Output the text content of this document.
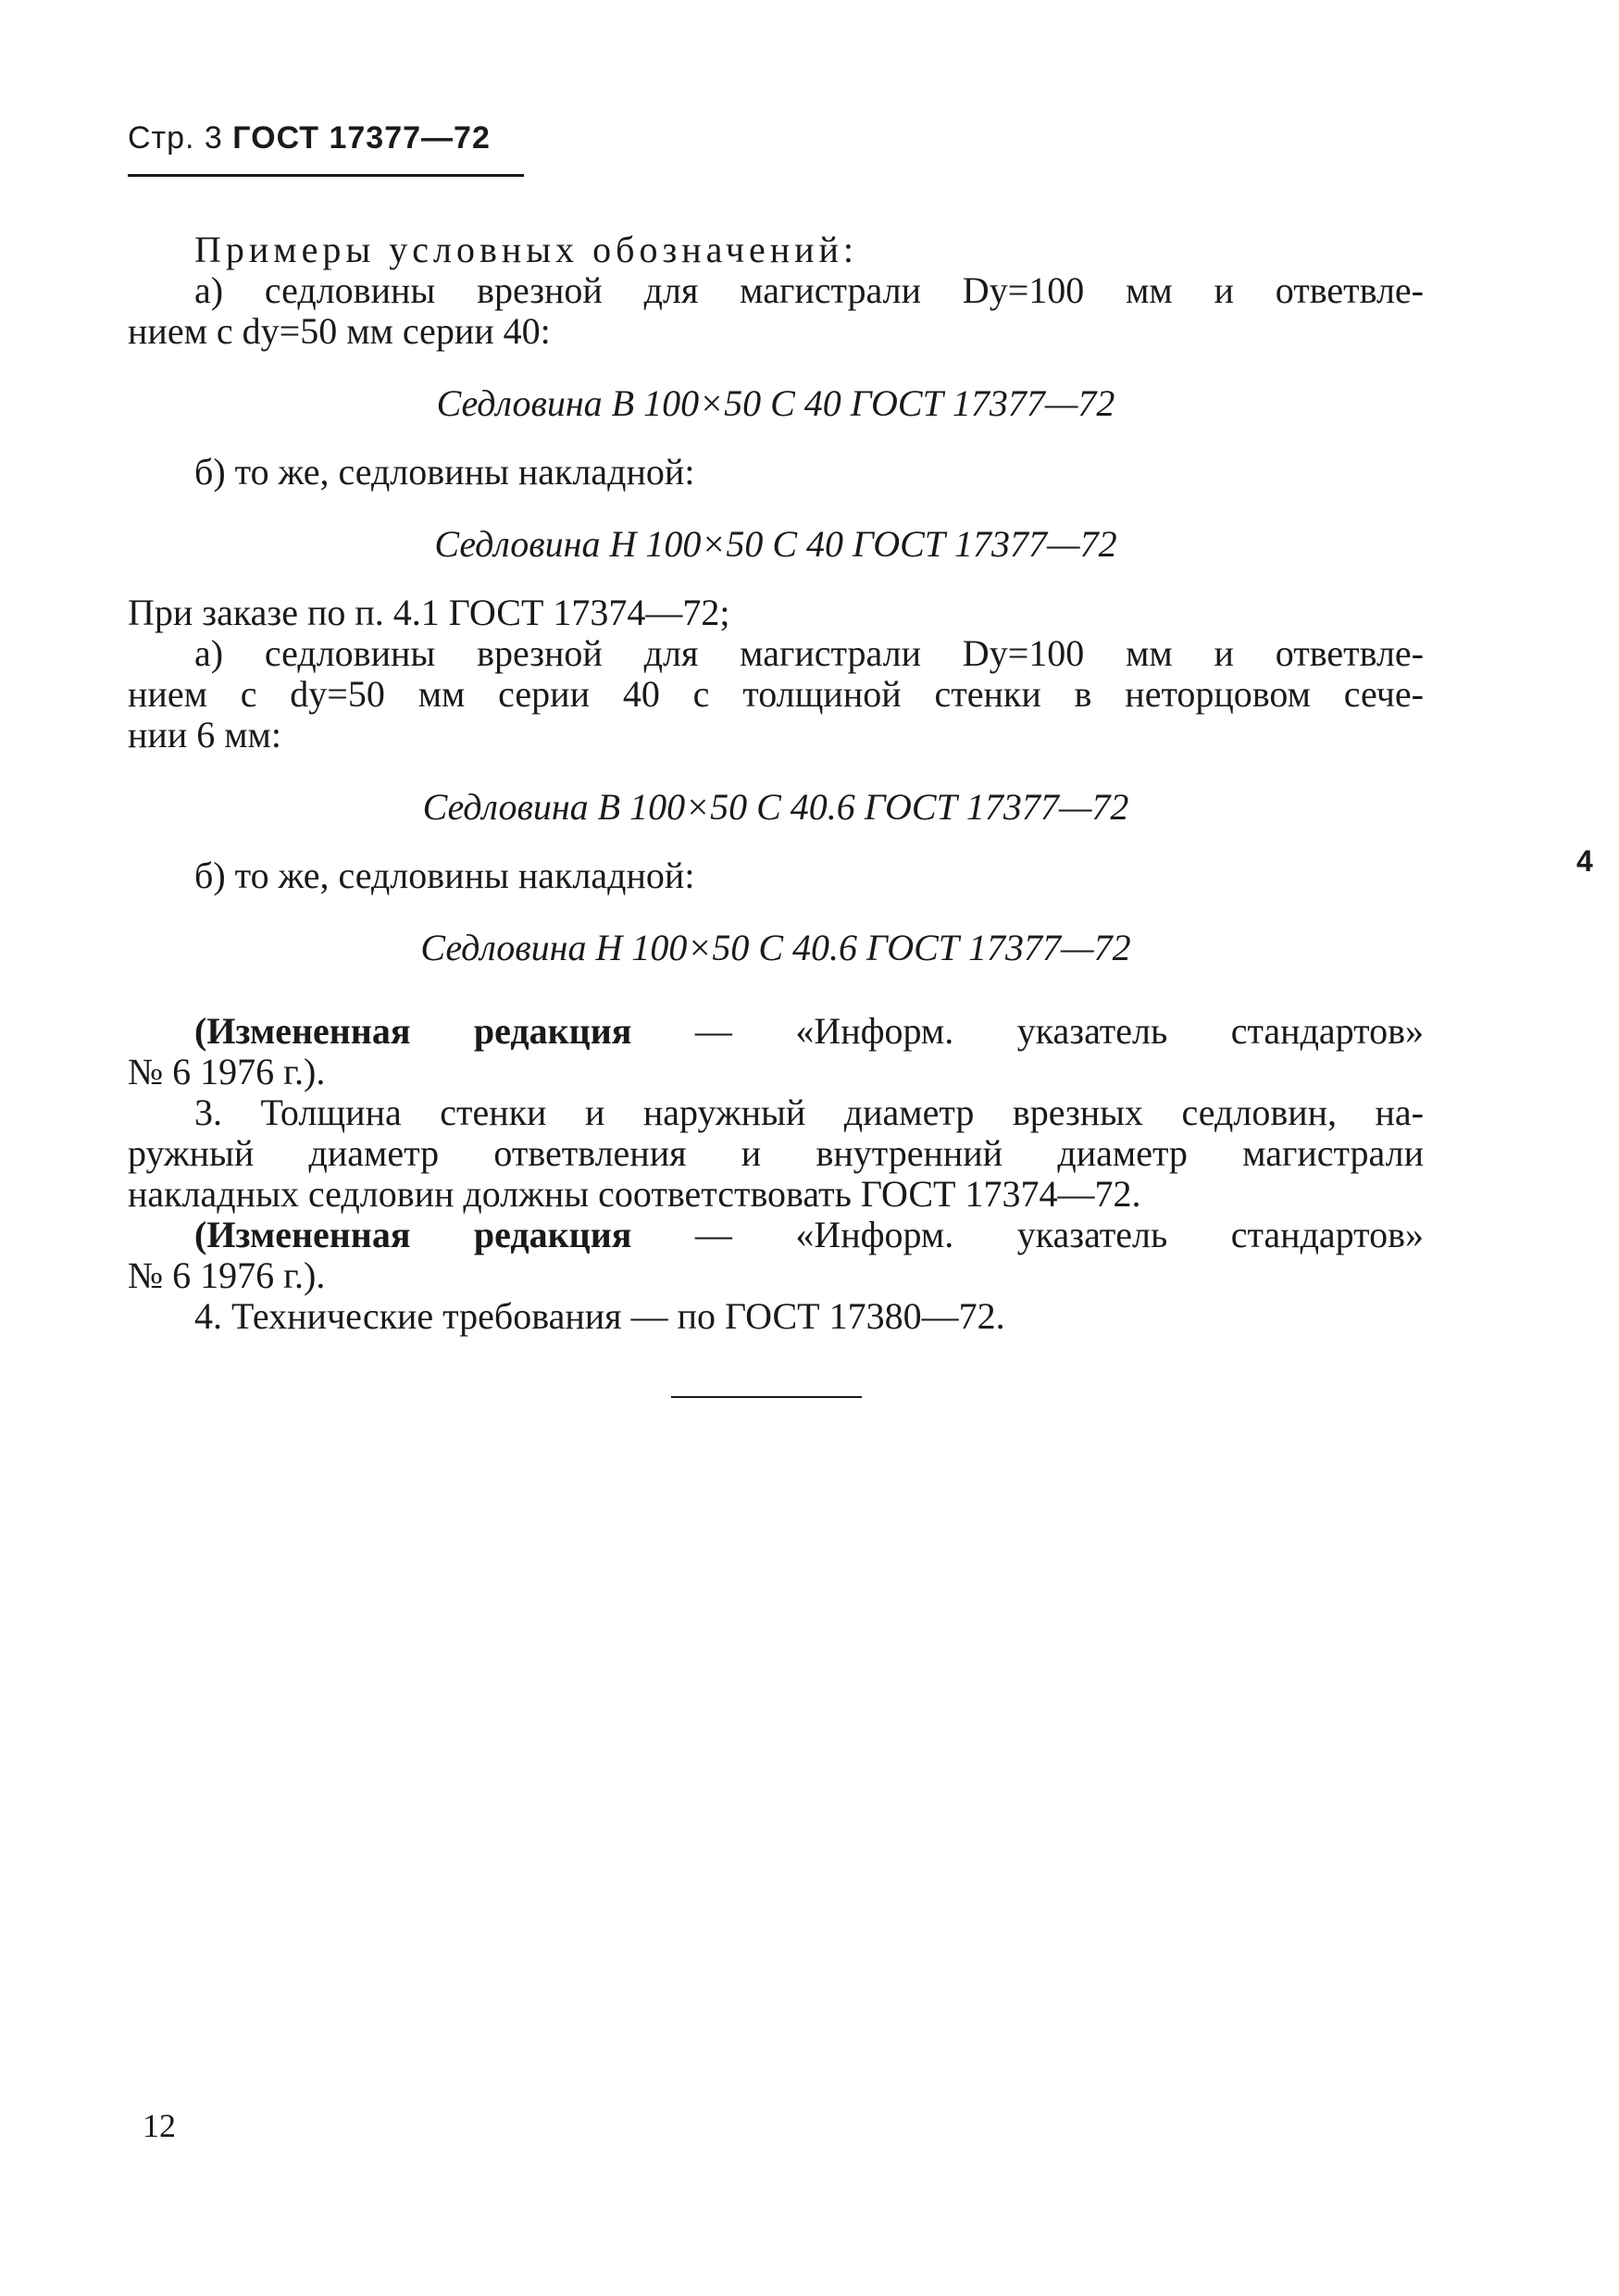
Стр. 3 ГОСТ 17377—72
Примеры условных обозначений:
а) седловины врезной для магистрали Dу=100 мм и ответвле-
нием с dу=50 мм серии 40:
Седловина В 100×50 С 40 ГОСТ 17377—72
б) то же, седловины накладной:
Седловина Н 100×50 С 40 ГОСТ 17377—72
При заказе по п. 4.1 ГОСТ 17374—72;
а) седловины врезной для магистрали Dу=100 мм и ответвле-
нием с dу=50 мм серии 40 с толщиной стенки в неторцовом сече-
нии 6 мм:
Седловина В 100×50 С 40.6 ГОСТ 17377—72
б) то же, седловины накладной:
Седловина Н 100×50 С 40.6 ГОСТ 17377—72
(Измененная редакция — «Информ. указатель стандартов»
№ 6 1976 г.).
3. Толщина стенки и наружный диаметр врезных седловин, на-
ружный диаметр ответвления и внутренний диаметр магистрали
накладных седловин должны соответствовать ГОСТ 17374—72.
(Измененная редакция — «Информ. указатель стандартов»
№ 6 1976 г.).
4. Технические требования — по ГОСТ 17380—72.
4
12
